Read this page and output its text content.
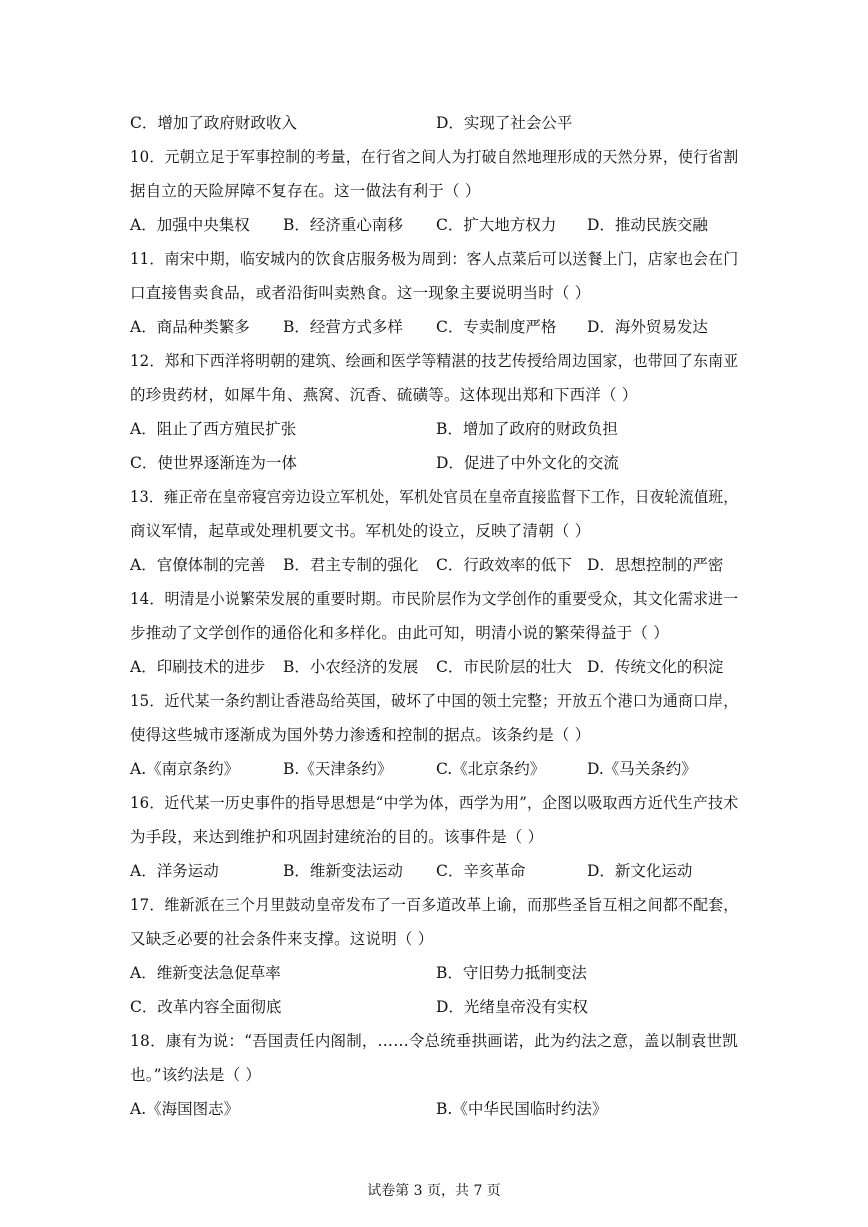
C．增加了政府财政收入	D．实现了社会公平
10．元朝立足于军事控制的考量，在行省之间人为打破自然地理形成的天然分界，使行省割
据自立的天险屏障不复存在。这一做法有利于（ ）
A．加强中央集权 B．经济重心南移 C．扩大地方权力 D．推动民族交融
11．南宋中期，临安城内的饮食店服务极为周到：客人点菜后可以送餐上门，店家也会在门
口直接售卖食品，或者沿街叫卖熟食。这一现象主要说明当时（ ）
A．商品种类繁多 B．经营方式多样 C．专卖制度严格 D．海外贸易发达
12．郑和下西洋将明朝的建筑、绘画和医学等精湛的技艺传授给周边国家，也带回了东南亚
的珍贵药材，如犀牛角、燕窝、沉香、硫磺等。这体现出郑和下西洋（ ）
A．阻止了西方殖民扩张	B．增加了政府的财政负担
C．使世界逐渐连为一体	D．促进了中外文化的交流
13．雍正帝在皇帝寝宫旁边设立军机处，军机处官员在皇帝直接监督下工作，日夜轮流值班，
商议军情，起草或处理机要文书。军机处的设立，反映了清朝（ ）
A．官僚体制的完善 B．君主专制的强化 C．行政效率的低下 D．思想控制的严密
14．明清是小说繁荣发展的重要时期。市民阶层作为文学创作的重要受众，其文化需求进一
步推动了文学创作的通俗化和多样化。由此可知，明清小说的繁荣得益于（ ）
A．印刷技术的进步 B．小农经济的发展 C．市民阶层的壮大 D．传统文化的积淀
15．近代某一条约割让香港岛给英国，破坏了中国的领土完整；开放五个港口为通商口岸，
使得这些城市逐渐成为国外势力渗透和控制的据点。该条约是（ ）
A.《南京条约》	B.《天津条约》	C.《北京条约》	D.《马关条约》
16．近代某一历史事件的指导思想是“中学为体，西学为用”，企图以吸取西方近代生产技术
为手段，来达到维护和巩固封建统治的目的。该事件是（ ）
A．洋务运动	B．维新变法运动 C．辛亥革命	D．新文化运动
17．维新派在三个月里鼓动皇帝发布了一百多道改革上谕，而那些圣旨互相之间都不配套，
又缺乏必要的社会条件来支撑。这说明（ ）
A．维新变法急促草率	B．守旧势力抵制变法
C．改革内容全面彻底	D．光绪皇帝没有实权
18．康有为说：“吾国责任内阁制，……令总统垂拱画诺，此为约法之意，盖以制袁世凯
也。”该约法是（ ）
A.《海国图志》	B.《中华民国临时约法》
试卷第 3 页，共 7 页
